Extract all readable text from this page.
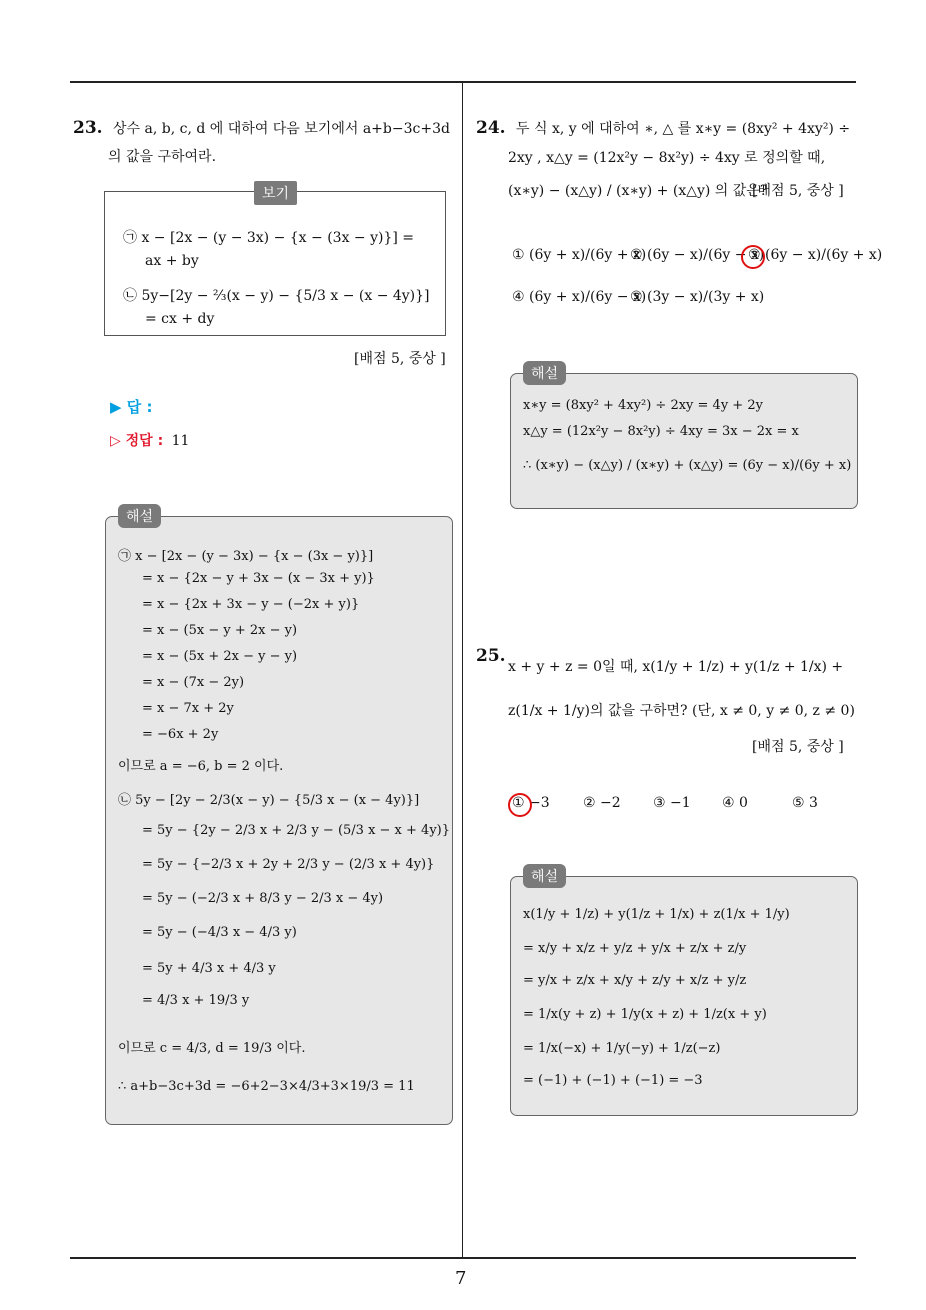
7
23. 상수 a, b, c, d 에 대하여 다음 보기에서 a+b−3c+3d
의 값을 구하여라.
㉠ x − [2x − (y − 3x) − {x − (3x − y)}] =
ax + by
㉡ 5y−[2y − ⅔(x − y) − {5/3 x − (x − 4y)}]
= cx + dy
보기
[배점 5, 중상 ]
▶ 답 :
▷ 정답 : 11
㉠ x − [2x − (y − 3x) − {x − (3x − y)}]
= x − {2x − y + 3x − (x − 3x + y)}
= x − {2x + 3x − y − (−2x + y)}
= x − (5x − y + 2x − y)
= x − (5x + 2x − y − y)
= x − (7x − 2y)
= x − 7x + 2y
= −6x + 2y
이므로 a = −6, b = 2 이다.
㉡ 5y − [2y − 2/3(x − y) − {5/3 x − (x − 4y)}]
= 5y − {2y − 2/3 x + 2/3 y − (5/3 x − x + 4y)}
= 5y − {−2/3 x + 2y + 2/3 y − (2/3 x + 4y)}
= 5y − (−2/3 x + 8/3 y − 2/3 x − 4y)
= 5y − (−4/3 x − 4/3 y)
= 5y + 4/3 x + 4/3 y
= 4/3 x + 19/3 y
이므로 c = 4/3, d = 19/3 이다.
∴ a+b−3c+3d = −6+2−3×4/3+3×19/3 = 11
해설
24. 두 식 x, y 에 대하여 ∗, △ 를 x∗y = (8xy² + 4xy²) ÷
2xy , x△y = (12x²y − 8x²y) ÷ 4xy 로 정의할 때,
(x∗y) − (x△y) / (x∗y) + (x△y) 의 값은?
[배점 5, 중상 ]
① (6y + x)/(6y + x)
② (6y − x)/(6y − x)
③ (6y − x)/(6y + x)
④ (6y + x)/(6y − x)
⑤ (3y − x)/(3y + x)
x∗y = (8xy² + 4xy²) ÷ 2xy = 4y + 2y
x△y = (12x²y − 8x²y) ÷ 4xy = 3x − 2x = x
∴ (x∗y) − (x△y) / (x∗y) + (x△y) = (6y − x)/(6y + x)
해설
25.
x + y + z = 0일 때, x(1/y + 1/z) + y(1/z + 1/x) +
z(1/x + 1/y)의 값을 구하면? (단, x ≠ 0, y ≠ 0, z ≠ 0)
[배점 5, 중상 ]
① −3 ② −2 ③ −1 ④ 0	⑤ 3
x(1/y + 1/z) + y(1/z + 1/x) + z(1/x + 1/y)
= x/y + x/z + y/z + y/x + z/x + z/y
= y/x + z/x + x/y + z/y + x/z + y/z
= 1/x(y + z) + 1/y(x + z) + 1/z(x + y)
= 1/x(−x) + 1/y(−y) + 1/z(−z)
= (−1) + (−1) + (−1) = −3
해설
